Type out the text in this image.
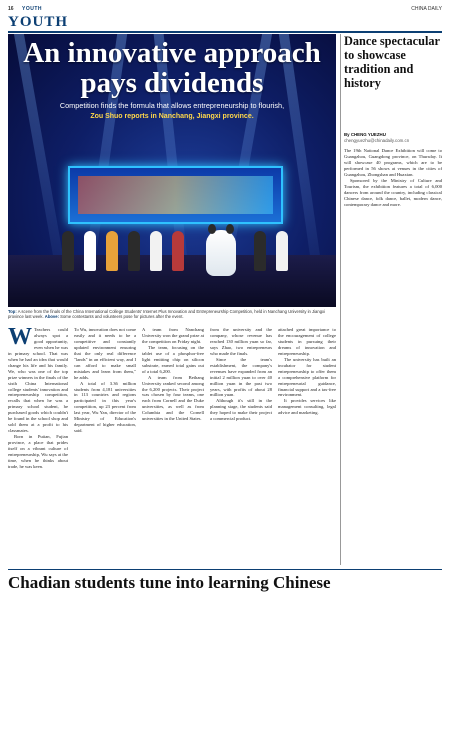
16 YOUTH	CHINA DAILY
YOUTH
An innovative approach pays dividends
Competition finds the formula that allows entrepreneurship to flourish,
Zou Shuo reports in Nanchang, Jiangxi province.
Top: A scene from the finals of the China International College Students' Internet Plus Innovation and Entrepreneurship Competition, held in Nanchang University in Jiangxi province last week. Above: Some contestants and volunteers pose for pictures after the event.

W Teachers could always spot a good opportunity, even when he was in primary school. That was when he had an idea that would change his life and his family. We, who was one of the top prize winners in the finals of the sixth China International college students' innovation and entrepreneurship competition, recalls that when he was a primary school student, he purchased goods which couldn't be found in the school shop and sold them at a profit to his classmates.

Born in Putian, Fujian province, a place that prides itself on a vibrant culture of entrepreneurship, Wu says at the time, when he thinks about trade, he was keen.

To Wu, innovation does not come easily and it needs to be a competitive and constantly updated environment ensuring that the only real difference "lands" in an efficient way, and I can afford to make small mistakes and learn from them," he adds.

A total of 3.36 million students from 4,181 universities in 113 countries and regions participated in this year's competition, up 23 percent from last year, Wu Yan, director of the Ministry of Education's department of higher education, said.

A team from Nanchang University won the grand prize at the competition on Friday night.

The team, focusing on the tablet use of a phosphor-free light emitting chip on silicon substrate, earned total gains out of a total 6,200.

A team from Beihang University ranked second among the 6,200 projects. Their project was chosen by four teams, one each from Cornell and the Duke universities, as well as from Columbia and the Cornell universities in the United States.

from the university and the company, whose revenue has reached 130 million yuan so far, says Zhao, two entrepreneurs who made the finals.

Since the team's establishment, the company's revenues have expanded from an initial 2 million yuan to over 40 million yuan in the past two years, with profits of about 28 million yuan.

Although it's still in the planning stage, the students said they hoped to make their project a commercial product.

attached great importance to the encouragement of college students in pursuing their dreams of innovation and entrepreneurship.

The university has built an incubator for student entrepreneurship to offer them a comprehensive platform for entrepreneurial guidance, financial support and a tax-free environment.

It provides services like management consulting, legal advice and marketing.

Dance spectacular to showcase tradition and history
By CHENG YUEZHU
chengyuezhu@chinadaily.com.cn

The 19th National Dance Exhibition will come to Guangzhou, Guangdong province, on Thursday. It will showcase 40 programs, which are to be performed in 56 shows at venues in the cities of Guangzhou, Zhongshan and Huaxian.

Sponsored by the Ministry of Culture and Tourism, the exhibition features a total of 6,000 dancers from around the country, including classical Chinese dance, folk dance, ballet, modern dance, contemporary dance and more.

Chadian students tune into learning Chinese
